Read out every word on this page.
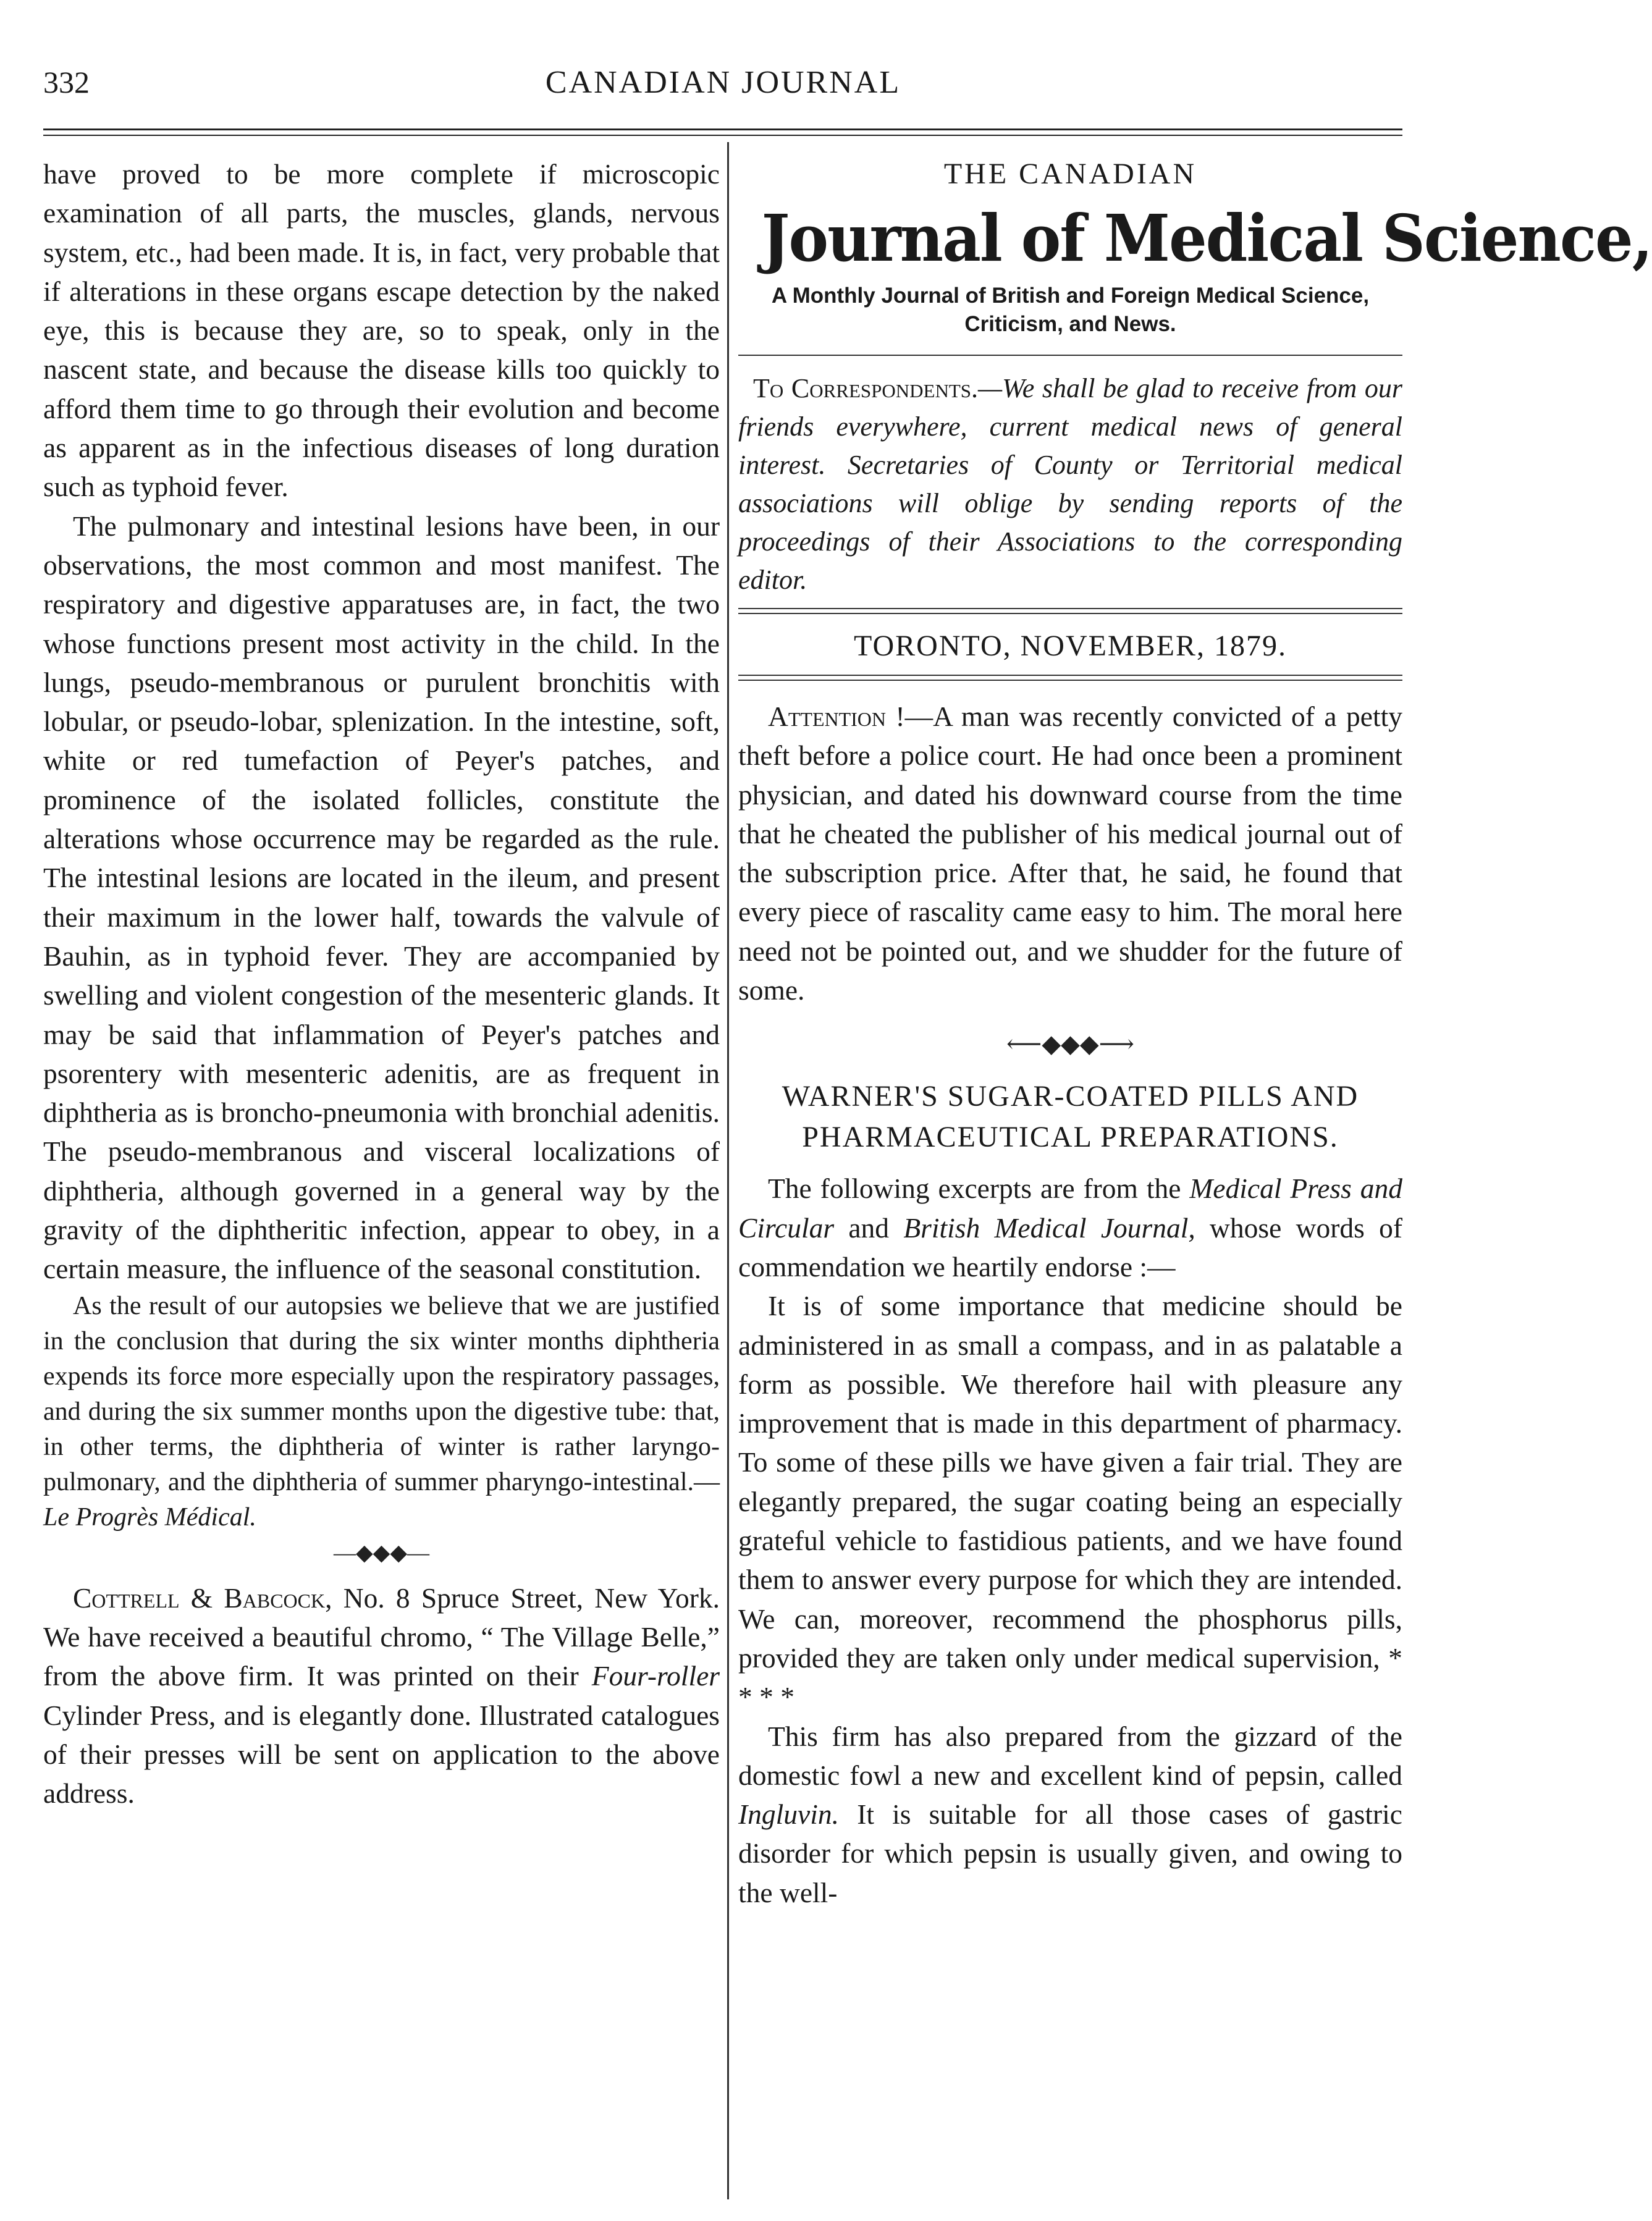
332	CANADIAN JOURNAL

have proved to be more complete if microscopic examination of all parts, the muscles, glands, nervous system, etc., had been made. It is, in fact, very probable that if alterations in these organs escape detection by the naked eye, this is because they are, so to speak, only in the nascent state, and because the disease kills too quickly to afford them time to go through their evolution and become as apparent as in the infectious diseases of long duration such as typhoid fever.

The pulmonary and intestinal lesions have been, in our observations, the most common and most manifest. The respiratory and digestive apparatuses are, in fact, the two whose functions present most activity in the child. In the lungs, pseudo-membranous or purulent bronchitis with lobular, or pseudo-lobar, splenization. In the intestine, soft, white or red tumefaction of Peyer's patches, and prominence of the isolated follicles, constitute the alterations whose occurrence may be regarded as the rule. The intestinal lesions are located in the ileum, and present their maximum in the lower half, towards the valvule of Bauhin, as in typhoid fever. They are accompanied by swelling and violent congestion of the mesenteric glands. It may be said that inflammation of Peyer's patches and psorentery with mesenteric adenitis, are as frequent in diphtheria as is broncho-pneumonia with bronchial adenitis. The pseudo-membranous and visceral localizations of diphtheria, although governed in a general way by the gravity of the diphtheritic infection, appear to obey, in a certain measure, the influence of the seasonal constitution.

As the result of our autopsies we believe that we are justified in the conclusion that during the six winter months diphtheria expends its force more especially upon the respiratory passages, and during the six summer months upon the digestive tube: that, in other terms, the diphtheria of winter is rather laryngo-pulmonary, and the diphtheria of summer pharyngo-intestinal.—Le Progrès Médical.

—◆◆◆—

Cottrell & Babcock, No. 8 Spruce Street, New York. We have received a beautiful chromo, “ The Village Belle,” from the above firm. It was printed on their Four-roller Cylinder Press, and is elegantly done. Illustrated catalogues of their presses will be sent on application to the above address.

THE CANADIAN
Journal of Medical Science,
A Monthly Journal of British and Foreign Medical Science, Criticism, and News.

To Correspondents.—We shall be glad to receive from our friends everywhere, current medical news of general interest. Secretaries of County or Territorial medical associations will oblige by sending reports of the proceedings of their Associations to the corresponding editor.

TORONTO, NOVEMBER, 1879.

Attention !—A man was recently convicted of a petty theft before a police court. He had once been a prominent physician, and dated his downward course from the time that he cheated the publisher of his medical journal out of the subscription price. After that, he said, he found that every piece of rascality came easy to him. The moral here need not be pointed out, and we shudder for the future of some.

⟵◆◆◆⟶
WARNER'S SUGAR-COATED PILLS AND PHARMACEUTICAL PREPARATIONS.

The following excerpts are from the Medical Press and Circular and British Medical Journal, whose words of commendation we heartily endorse :—

It is of some importance that medicine should be administered in as small a compass, and in as palatable a form as possible. We therefore hail with pleasure any improvement that is made in this department of pharmacy. To some of these pills we have given a fair trial. They are elegantly prepared, the sugar coating being an especially grateful vehicle to fastidious patients, and we have found them to answer every purpose for which they are intended. We can, moreover, recommend the phosphorus pills, provided they are taken only under medical supervision, * * * *

This firm has also prepared from the gizzard of the domestic fowl a new and excellent kind of pepsin, called Ingluvin. It is suitable for all those cases of gastric disorder for which pepsin is usually given, and owing to the well-
